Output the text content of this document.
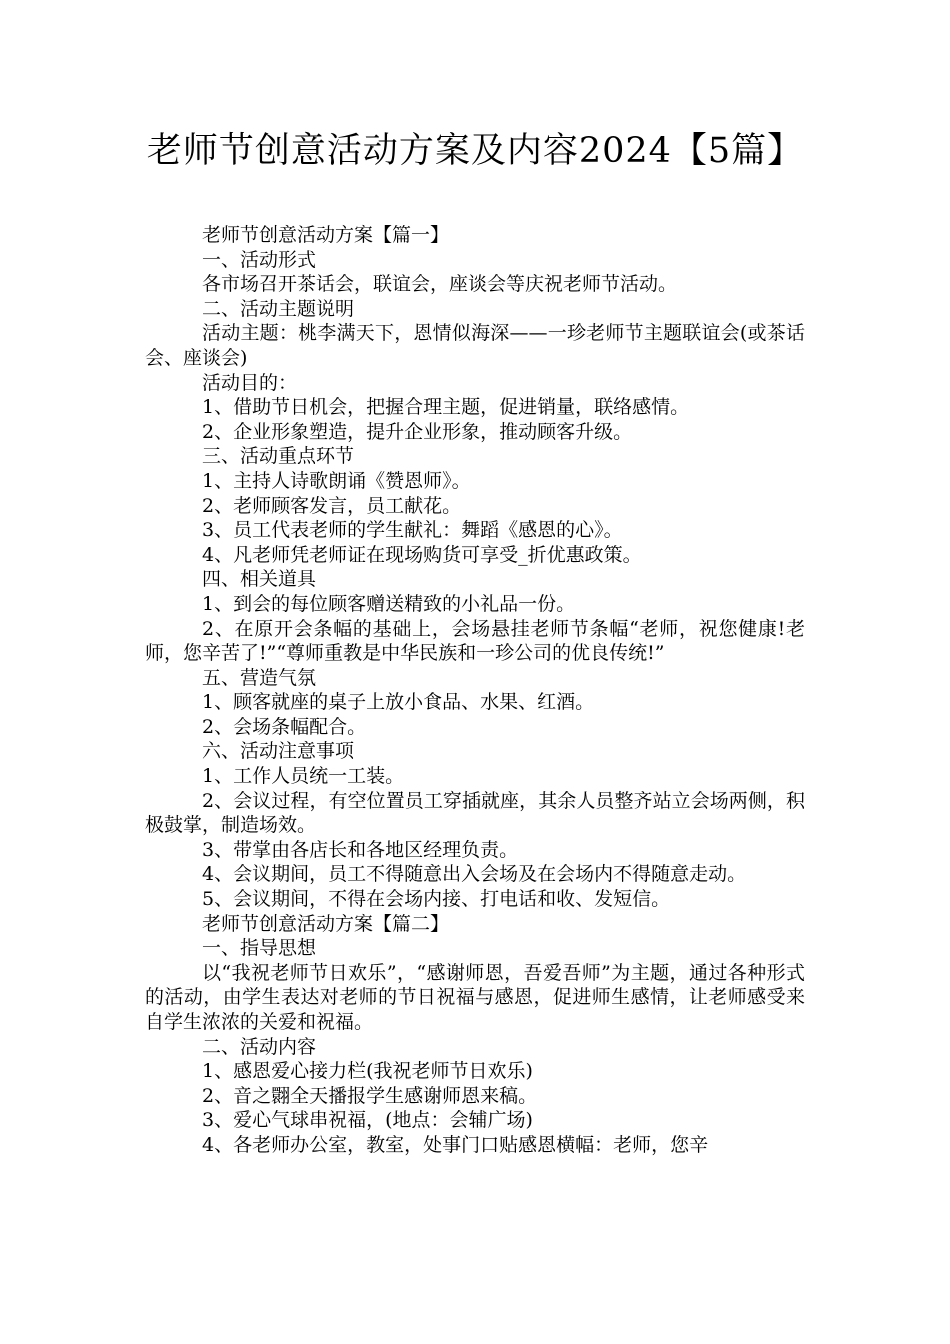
老师节创意活动方案及内容2024【5篇】

老师节创意活动方案【篇一】

一、活动形式

各市场召开茶话会，联谊会，座谈会等庆祝老师节活动。

二、活动主题说明

活动主题：桃李满天下，恩情似海深——一珍老师节主题联谊会(或茶话会、座谈会)

活动目的：

1、借助节日机会，把握合理主题，促进销量，联络感情。

2、企业形象塑造，提升企业形象，推动顾客升级。

三、活动重点环节

1、主持人诗歌朗诵《赞恩师》。

2、老师顾客发言，员工献花。

3、员工代表老师的学生献礼：舞蹈《感恩的心》。

4、凡老师凭老师证在现场购货可享受_折优惠政策。

四、相关道具

1、到会的每位顾客赠送精致的小礼品一份。

2、在原开会条幅的基础上，会场悬挂老师节条幅“老师，祝您健康!老师，您辛苦了!”“尊师重教是中华民族和一珍公司的优良传统!”

五、营造气氛

1、顾客就座的桌子上放小食品、水果、红酒。

2、会场条幅配合。

六、活动注意事项

1、工作人员统一工装。

2、会议过程，有空位置员工穿插就座，其余人员整齐站立会场两侧，积极鼓掌，制造场效。

3、带掌由各店长和各地区经理负责。

4、会议期间，员工不得随意出入会场及在会场内不得随意走动。

5、会议期间，不得在会场内接、打电话和收、发短信。

老师节创意活动方案【篇二】

一、指导思想

以“我祝老师节日欢乐”，“感谢师恩，吾爱吾师”为主题，通过各种形式的活动，由学生表达对老师的节日祝福与感恩，促进师生感情，让老师感受来自学生浓浓的关爱和祝福。

二、活动内容

1、感恩爱心接力栏(我祝老师节日欢乐)

2、音之翾全天播报学生感谢师恩来稿。

3、爱心气球串祝福，(地点：会辅广场)

4、各老师办公室，教室，处事门口贴感恩横幅：老师，您辛
